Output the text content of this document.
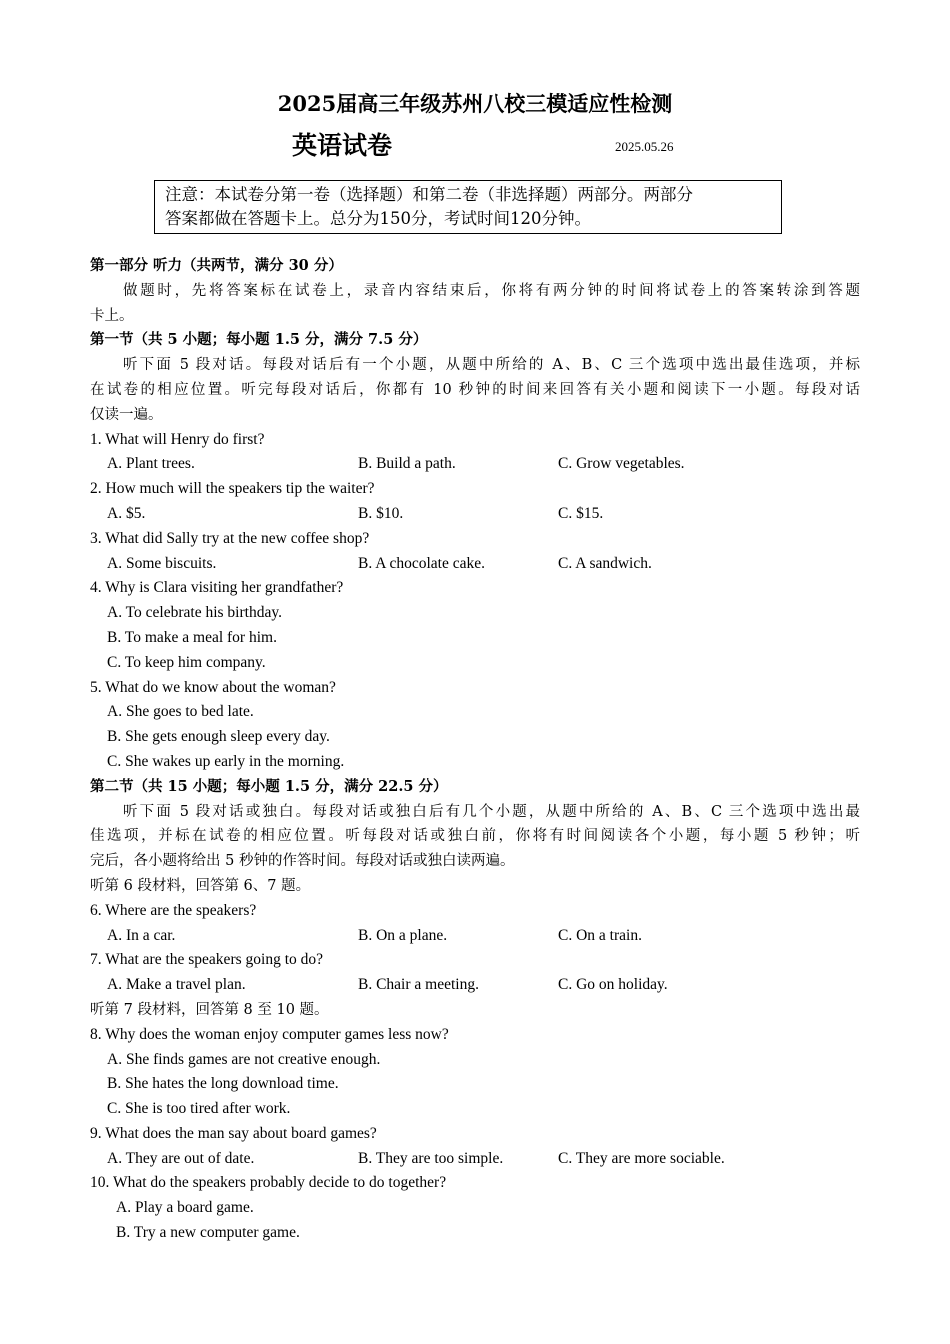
2025届高三年级苏州八校三模适应性检测
英语试卷	2025.05.26
注意：本试卷分第一卷（选择题）和第二卷（非选择题）两部分。两部分
答案都做在答题卡上。总分为150分，考试时间120分钟。
第一部分 听力（共两节，满分 30 分）
做题时，先将答案标在试卷上，录音内容结束后，你将有两分钟的时间将试卷上的答案转涂到答题
卡上。
第一节（共 5 小题；每小题 1.5 分，满分 7.5 分）
听下面 5 段对话。每段对话后有一个小题，从题中所给的 A、B、C 三个选项中选出最佳选项，并标
在试卷的相应位置。听完每段对话后，你都有 10 秒钟的时间来回答有关小题和阅读下一小题。每段对话
仅读一遍。
1. What will Henry do first?
A. Plant trees.	B. Build a path.	C. Grow vegetables.
2. How much will the speakers tip the waiter?
A. $5.	B. $10.	C. $15.
3. What did Sally try at the new coffee shop?
A. Some biscuits.	B. A chocolate cake.	C. A sandwich.
4. Why is Clara visiting her grandfather?
A. To celebrate his birthday.
B. To make a meal for him.
C. To keep him company.
5. What do we know about the woman?
A. She goes to bed late.
B. She gets enough sleep every day.
C. She wakes up early in the morning.
第二节（共 15 小题；每小题 1.5 分，满分 22.5 分）
听下面 5 段对话或独白。每段对话或独白后有几个小题，从题中所给的 A、B、C 三个选项中选出最
佳选项，并标在试卷的相应位置。听每段对话或独白前，你将有时间阅读各个小题，每小题 5 秒钟；听
完后，各小题将给出 5 秒钟的作答时间。每段对话或独白读两遍。
听第 6 段材料，回答第 6、7 题。
6. Where are the speakers?
A. In a car.	B. On a plane.	C. On a train.
7. What are the speakers going to do?
A. Make a travel plan.	B. Chair a meeting.	C. Go on holiday.
听第 7 段材料，回答第 8 至 10 题。
8. Why does the woman enjoy computer games less now?
A. She finds games are not creative enough.
B. She hates the long download time.
C. She is too tired after work.
9. What does the man say about board games?
A. They are out of date.	B. They are too simple.	C. They are more sociable.
10. What do the speakers probably decide to do together?
A. Play a board game.
B. Try a new computer game.
